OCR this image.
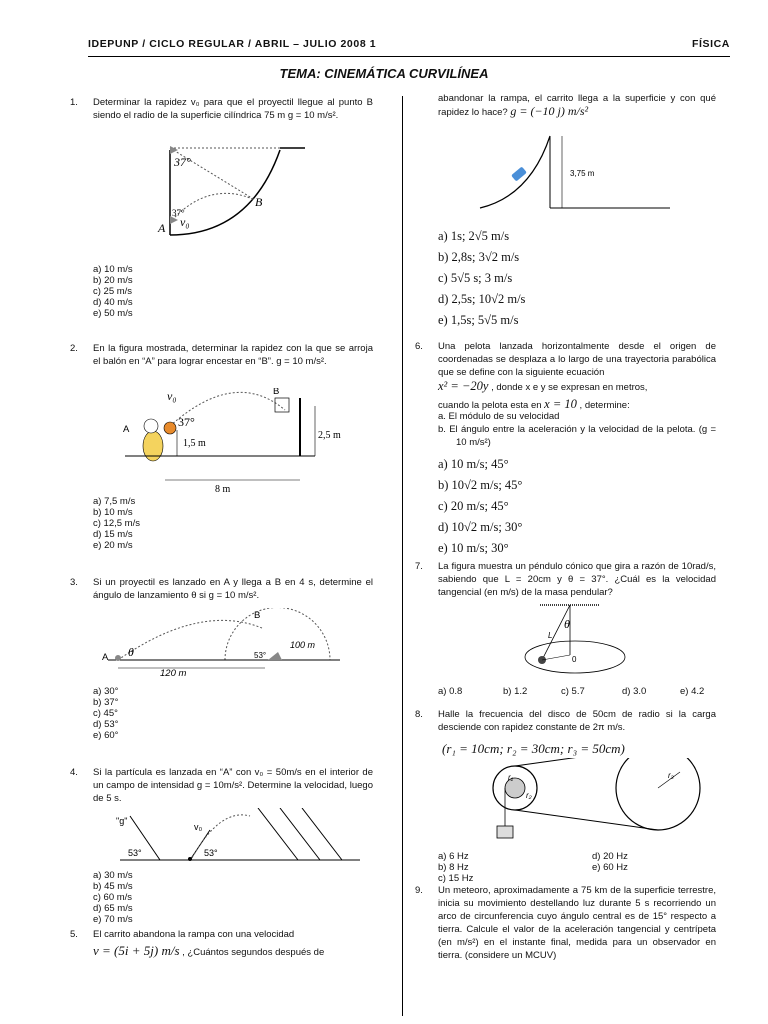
IDEPUNP / CICLO REGULAR / ABRIL – JULIO 2008 1	FÍSICA
TEMA: CINEMÁTICA CURVILÍNEA
1. Determinar la rapidez v₀ para que el proyectil llegue al punto B siendo el radio de la superficie cilíndrica 75 m g = 10 m/s².
37°
37°
v₀
A
B
a) 10 m/s
b) 20 m/s
c) 25 m/s
d) 40 m/s
e) 50 m/s
2. En la figura mostrada, determinar la rapidez con la que se arroja el balón en “A” para lograr encestar en “B”. g = 10 m/s².
v₀
37°
A
B
1,5 m
2,5 m
8 m
a) 7,5 m/s
b) 10 m/s
c) 12,5 m/s
d) 15 m/s
e) 20 m/s
3. Si un proyectil es lanzado en A y llega a B en 4 s, determine el ángulo de lanzamiento θ si g = 10 m/s².
A
B
θ
120 m
100 m
53°
a) 30°
b) 37°
c) 45°
d) 53°
e) 60°
4. Si la partícula es lanzada en “A” con v₀ = 50m/s en el interior de un campo de intensidad g = 10m/s². Determine la velocidad, luego de 5 s.
"g"
v₀
53°	53°
a) 30 m/s
b) 45 m/s
c) 60 m/s
d) 65 m/s
e) 70 m/s
5. El carrito abandona la rampa con una velocidad
v = (5i + 5j) m/s , ¿Cuántos segundos después de
abandonar la rampa, el carrito llega a la superficie y con qué rapidez lo hace? g = (−10 j) m/s²
3,75 m
a) 1s; 2√5 m/s
b) 2,8s; 3√2 m/s
c) 5√5 s; 3 m/s
d) 2,5s; 10√2 m/s
e) 1,5s; 5√5 m/s
6. Una pelota lanzada horizontalmente desde el origen de coordenadas se desplaza a lo largo de una trayectoria parabólica que se define con la siguiente ecuación
x² = −20y , donde x e y se expresan en metros,
cuando la pelota esta en x = 10 , determine:
a. El módulo de su velocidad
b. El ángulo entre la aceleración y la velocidad de la pelota. (g = 10 m/s²)
a) 10 m/s; 45°
b) 10√2 m/s; 45°
c) 20 m/s; 45°
d) 10√2 m/s; 30°
e) 10 m/s; 30°
7. La figura muestra un péndulo cónico que gira a razón de 10rad/s, sabiendo que L = 20cm y θ = 37°. ¿Cuál es la velocidad tangencial (en m/s) de la masa pendular?
θ
L
0
a) 0.8	b) 1.2	c) 5.7	d) 3.0	e) 4.2
8. Halle la frecuencia del disco de 50cm de radio si la carga desciende con rapidez constante de 2π m/s.
(r₁ = 10cm; r₂ = 30cm; r₃ = 50cm)
r₁
r₂
r₃
a) 6 Hz
b) 8 Hz
c) 15 Hz
d) 20 Hz
e) 60 Hz
9. Un meteoro, aproximadamente a 75 km de la superficie terrestre, inicia su movimiento destellando luz durante 5 s recorriendo un arco de circunferencia cuyo ángulo central es de 15° respecto a tierra. Calcule el valor de la aceleración tangencial y centrípeta (en m/s²) en el instante final, medida para un observador en tierra. (considere un MCUV)
